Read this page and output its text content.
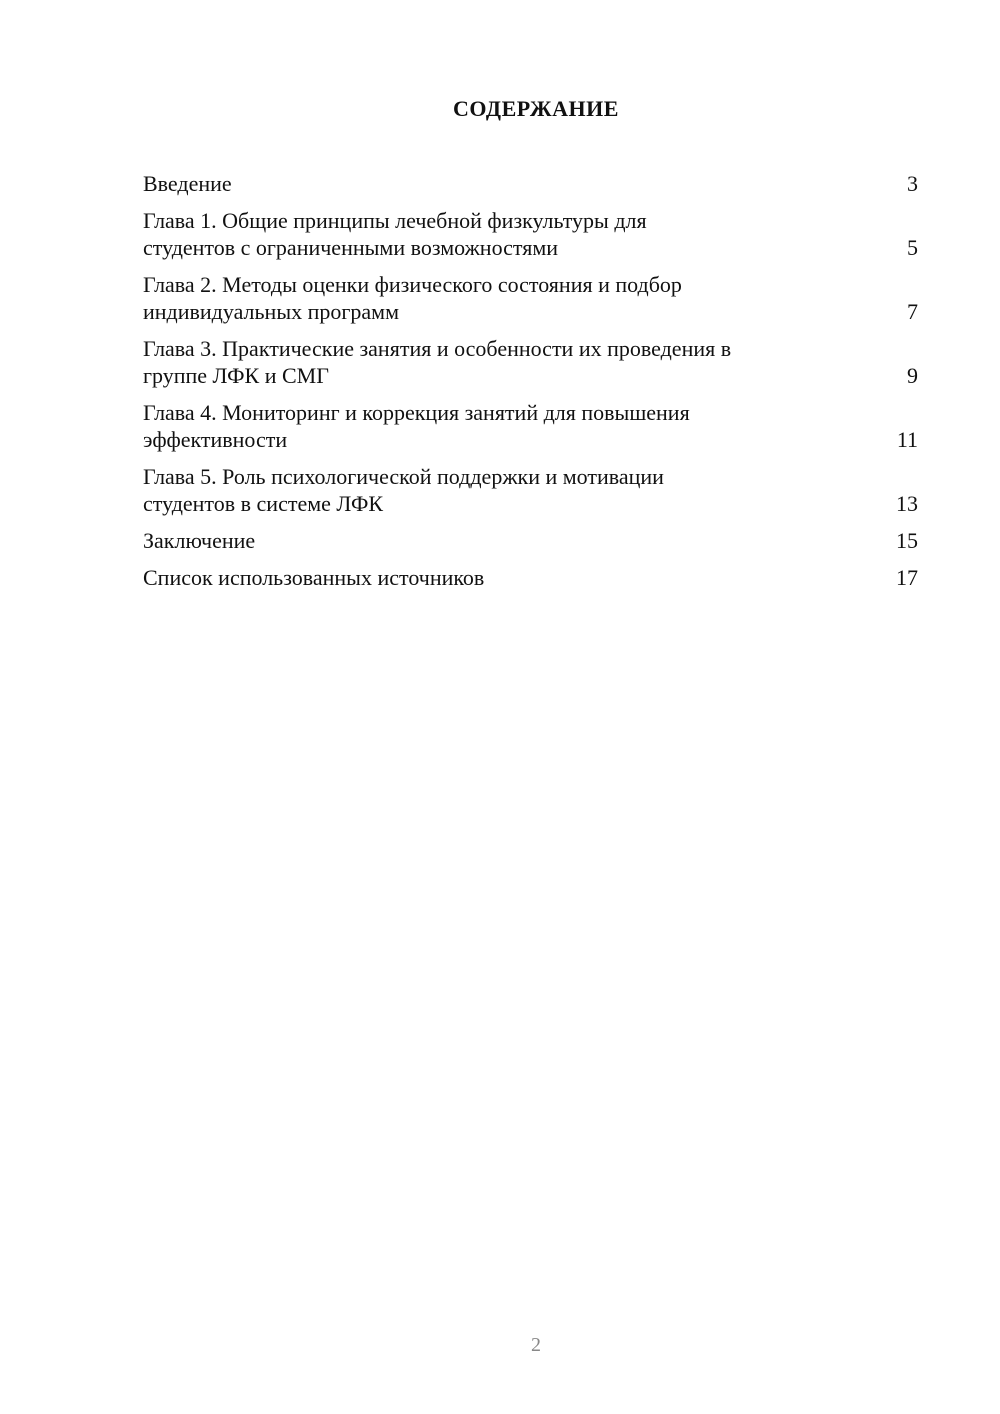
СОДЕРЖАНИЕ
Введение	3
Глава 1. Общие принципы лечебной физкультуры для
студентов с ограниченными возможностями	5
Глава 2. Методы оценки физического состояния и подбор
индивидуальных программ	7
Глава 3. Практические занятия и особенности их проведения в
группе ЛФК и СМГ	9
Глава 4. Мониторинг и коррекция занятий для повышения
эффективности	11
Глава 5. Роль психологической поддержки и мотивации
студентов в системе ЛФК	13
Заключение	15
Список использованных источников	17
2
